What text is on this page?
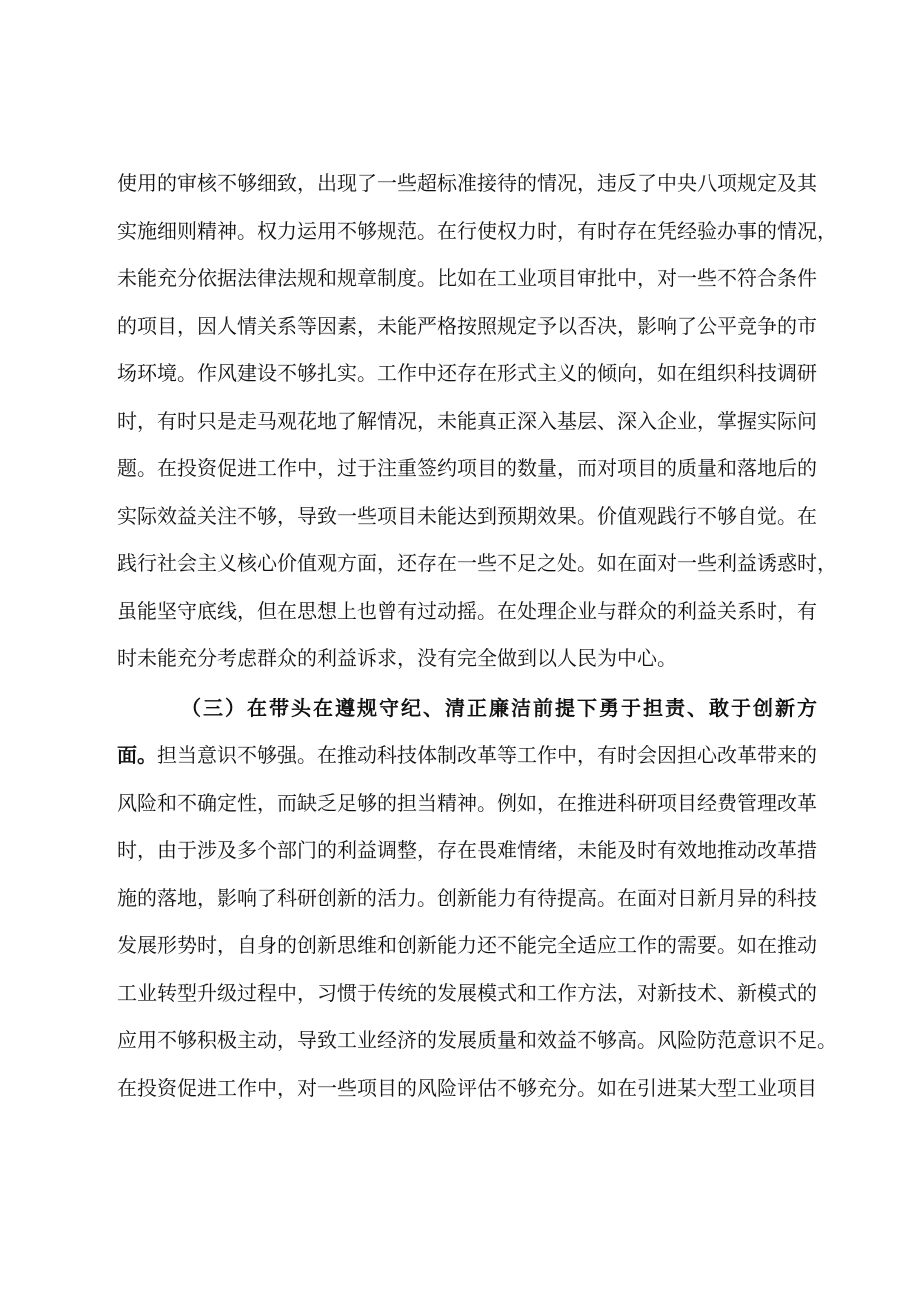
使用的审核不够细致，出现了一些超标准接待的情况，违反了中央八项规定及其
实施细则精神。权力运用不够规范。在行使权力时，有时存在凭经验办事的情况，
未能充分依据法律法规和规章制度。比如在工业项目审批中，对一些不符合条件
的项目，因人情关系等因素，未能严格按照规定予以否决，影响了公平竞争的市
场环境。作风建设不够扎实。工作中还存在形式主义的倾向，如在组织科技调研
时，有时只是走马观花地了解情况，未能真正深入基层、深入企业，掌握实际问
题。在投资促进工作中，过于注重签约项目的数量，而对项目的质量和落地后的
实际效益关注不够，导致一些项目未能达到预期效果。价值观践行不够自觉。在
践行社会主义核心价值观方面，还存在一些不足之处。如在面对一些利益诱惑时，
虽能坚守底线，但在思想上也曾有过动摇。在处理企业与群众的利益关系时，有
时未能充分考虑群众的利益诉求，没有完全做到以人民为中心。
（三）在带头在遵规守纪、清正廉洁前提下勇于担责、敢于创新方
面。担当意识不够强。在推动科技体制改革等工作中，有时会因担心改革带来的
风险和不确定性，而缺乏足够的担当精神。例如，在推进科研项目经费管理改革
时，由于涉及多个部门的利益调整，存在畏难情绪，未能及时有效地推动改革措
施的落地，影响了科研创新的活力。创新能力有待提高。在面对日新月异的科技
发展形势时，自身的创新思维和创新能力还不能完全适应工作的需要。如在推动
工业转型升级过程中，习惯于传统的发展模式和工作方法，对新技术、新模式的
应用不够积极主动，导致工业经济的发展质量和效益不够高。风险防范意识不足。
在投资促进工作中，对一些项目的风险评估不够充分。如在引进某大型工业项目
